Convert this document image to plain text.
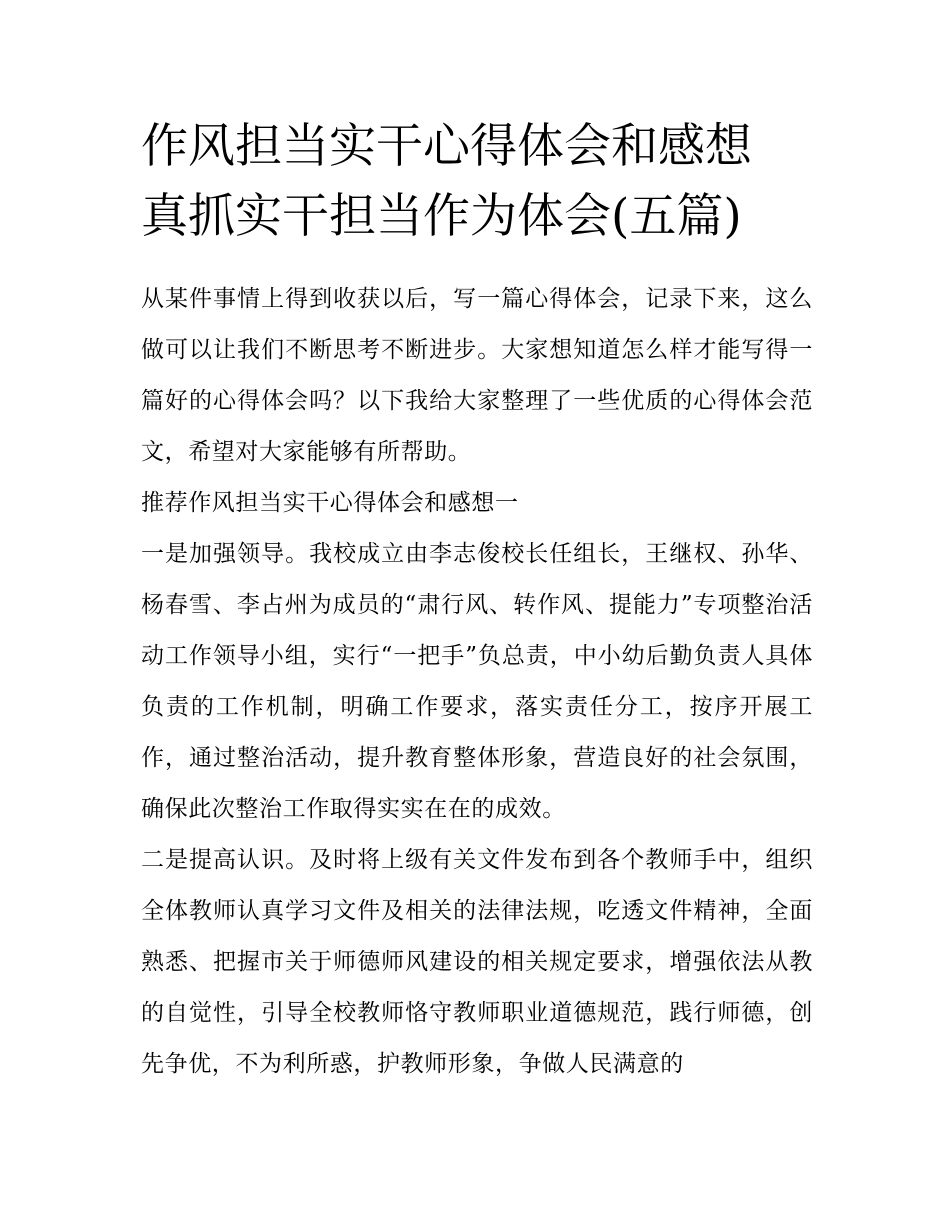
作风担当实干心得体会和感想
真抓实干担当作为体会(五篇)

从某件事情上得到收获以后，写一篇心得体会，记录下来，这么做可以让我们不断思考不断进步。大家想知道怎么样才能写得一篇好的心得体会吗？以下我给大家整理了一些优质的心得体会范文，希望对大家能够有所帮助。

推荐作风担当实干心得体会和感想一

一是加强领导。我校成立由李志俊校长任组长，王继权、孙华、杨春雪、李占州为成员的“肃行风、转作风、提能力”专项整治活动工作领导小组，实行“一把手”负总责，中小幼后勤负责人具体负责的工作机制，明确工作要求，落实责任分工，按序开展工作，通过整治活动，提升教育整体形象，营造良好的社会氛围，确保此次整治工作取得实实在在的成效。

二是提高认识。及时将上级有关文件发布到各个教师手中，组织全体教师认真学习文件及相关的法律法规，吃透文件精神，全面熟悉、把握市关于师德师风建设的相关规定要求，增强依法从教的自觉性，引导全校教师恪守教师职业道德规范，践行师德，创先争优，不为利所惑，护教师形象，争做人民满意的
